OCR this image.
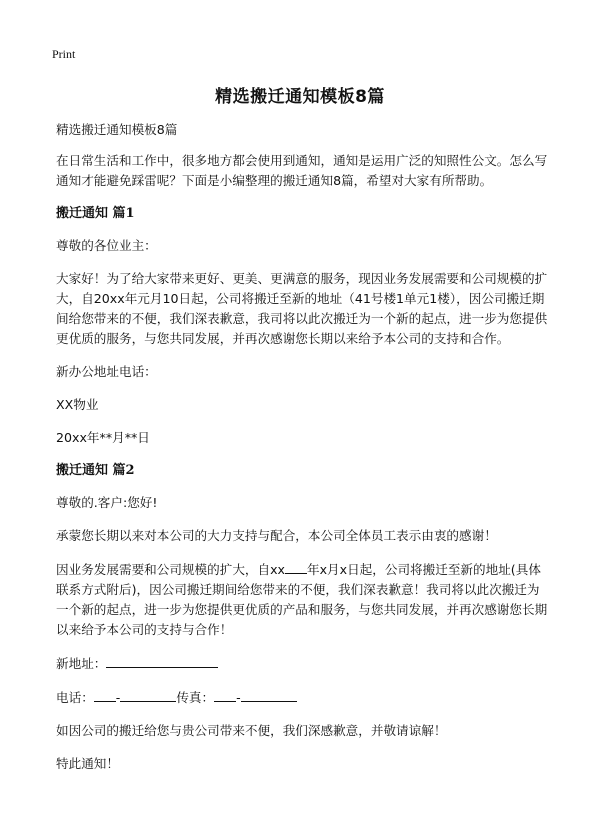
Print
精选搬迁通知模板8篇

精选搬迁通知模板8篇

在日常生活和工作中，很多地方都会使用到通知，通知是运用广泛的知照性公文。怎么写通知才能避免踩雷呢？下面是小编整理的搬迁通知8篇，希望对大家有所帮助。

搬迁通知 篇1

尊敬的各位业主：

大家好！为了给大家带来更好、更美、更满意的服务，现因业务发展需要和公司规模的扩大，自20xx年元月10日起，公司将搬迁至新的地址（41号楼1单元1楼），因公司搬迁期间给您带来的不便，我们深表歉意，我司将以此次搬迁为一个新的起点，进一步为您提供更优质的服务，与您共同发展，并再次感谢您长期以来给予本公司的支持和合作。

新办公地址电话：

XX物业

20xx年**月**日

搬迁通知 篇2

尊敬的.客户:您好!

承蒙您长期以来对本公司的大力支持与配合，本公司全体员工表示由衷的感谢！

因业务发展需要和公司规模的扩大，自xx 年x月x日起，公司将搬迁至新的地址(具体联系方式附后)，因公司搬迁期间给您带来的不便，我们深表歉意！我司将以此次搬迁为一个新的起点，进一步为您提供更优质的产品和服务，与您共同发展，并再次感谢您长期以来给予本公司的支持与合作！

新地址：

电话： -	传真： -

如因公司的搬迁给您与贵公司带来不便，我们深感歉意，并敬请谅解！

特此通知！
